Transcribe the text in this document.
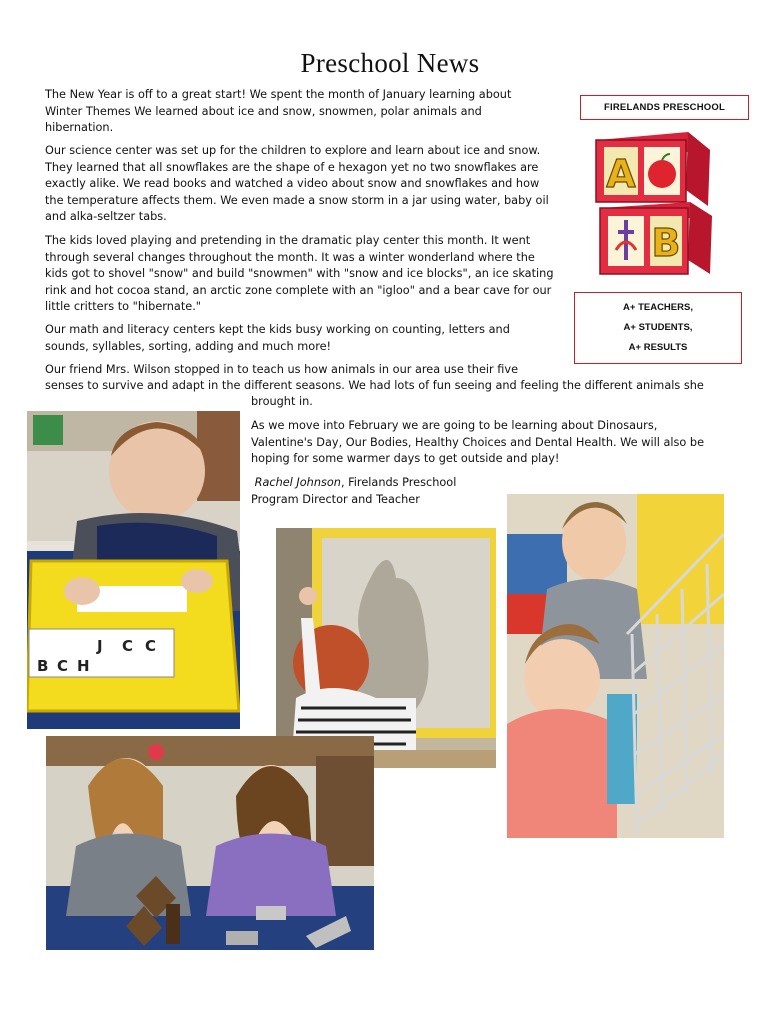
Preschool News

The New Year is off to a great start! We spent the month of January learning about Winter Themes We learned about ice and snow, snowmen, polar animals and hibernation.

Our science center was set up for the children to explore and learn about ice and snow. They learned that all snowflakes are the shape of e hexagon yet no two snowflakes are exactly alike. We read books and watched a video about snow and snowflakes and how the temperature affects them. We even made a snow storm in a jar using water, baby oil and alka-seltzer tabs.

The kids loved playing and pretending in the dramatic play center this month. It went through several changes throughout the month. It was a winter wonderland where the kids got to shovel "snow" and build "snowmen" with "snow and ice blocks", an ice skating rink and hot cocoa stand, an arctic zone complete with an "igloo" and a bear cave for our little critters to "hibernate."

Our math and literacy centers kept the kids busy working on counting, letters and sounds, syllables, sorting, adding and much more!

Our friend Mrs. Wilson stopped in to teach us how animals in our area use their five

senses to survive and adapt in the different seasons. We had lots of fun seeing and feeling the different animals she

brought in.

As we move into February we are going to be learning about Dinosaurs, Valentine's Day, Our Bodies, Healthy Choices and Dental Health. We will also be hoping for some warmer days to get outside and play!

Rachel Johnson, Firelands Preschool
Program Director and Teacher

FIRELANDS PRESCHOOL
A
B
A+ TEACHERS,
A+ STUDENTS,
A+ RESULTS
B C H
J C C
